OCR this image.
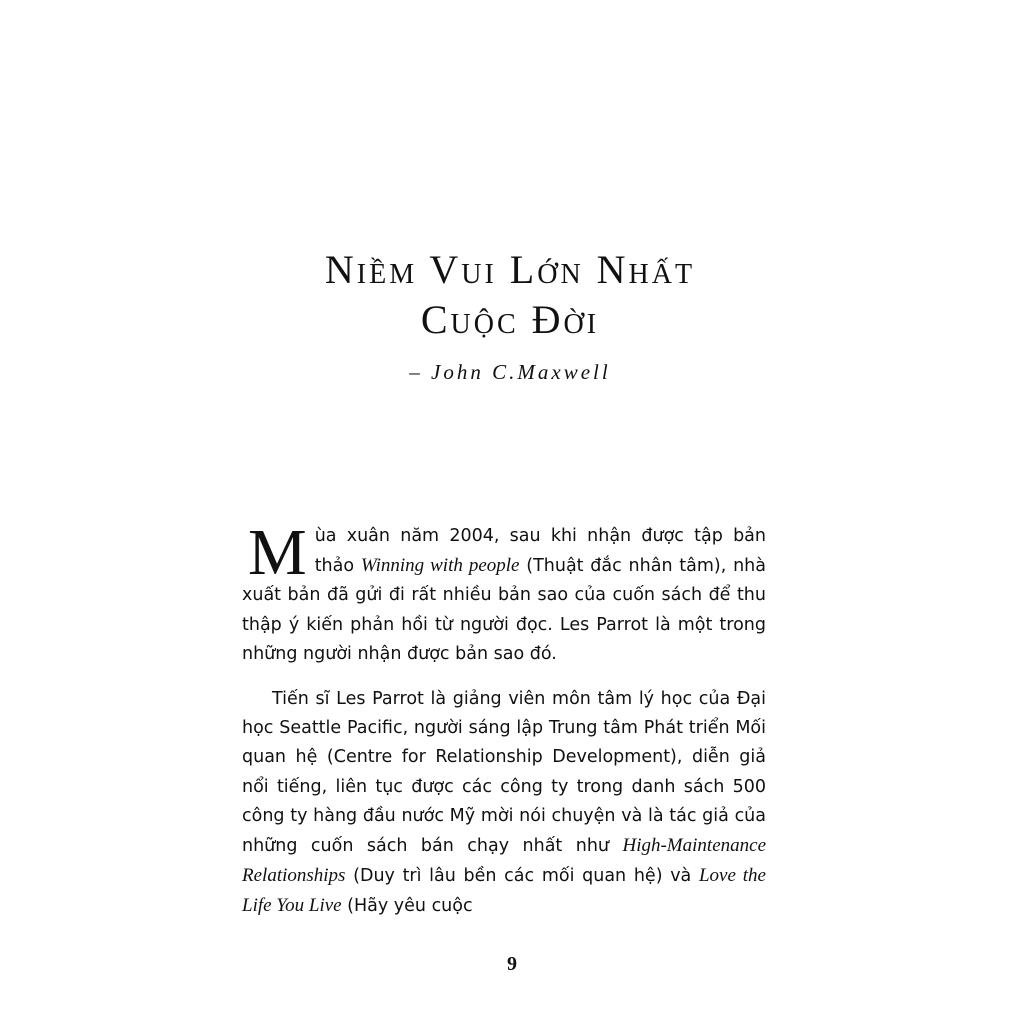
Niềm Vui Lớn Nhất
Cuộc Đời
– John C.Maxwell

Mùa xuân năm 2004, sau khi nhận được tập bản thảo Winning with people (Thuật đắc nhân tâm), nhà xuất bản đã gửi đi rất nhiều bản sao của cuốn sách để thu thập ý kiến phản hồi từ người đọc. Les Parrot là một trong những người nhận được bản sao đó.

Tiến sĩ Les Parrot là giảng viên môn tâm lý học của Đại học Seattle Pacific, người sáng lập Trung tâm Phát triển Mối quan hệ (Centre for Relationship Development), diễn giả nổi tiếng, liên tục được các công ty trong danh sách 500 công ty hàng đầu nước Mỹ mời nói chuyện và là tác giả của những cuốn sách bán chạy nhất như High-Maintenance Relationships (Duy trì lâu bền các mối quan hệ) và Love the Life You Live (Hãy yêu cuộc

9
